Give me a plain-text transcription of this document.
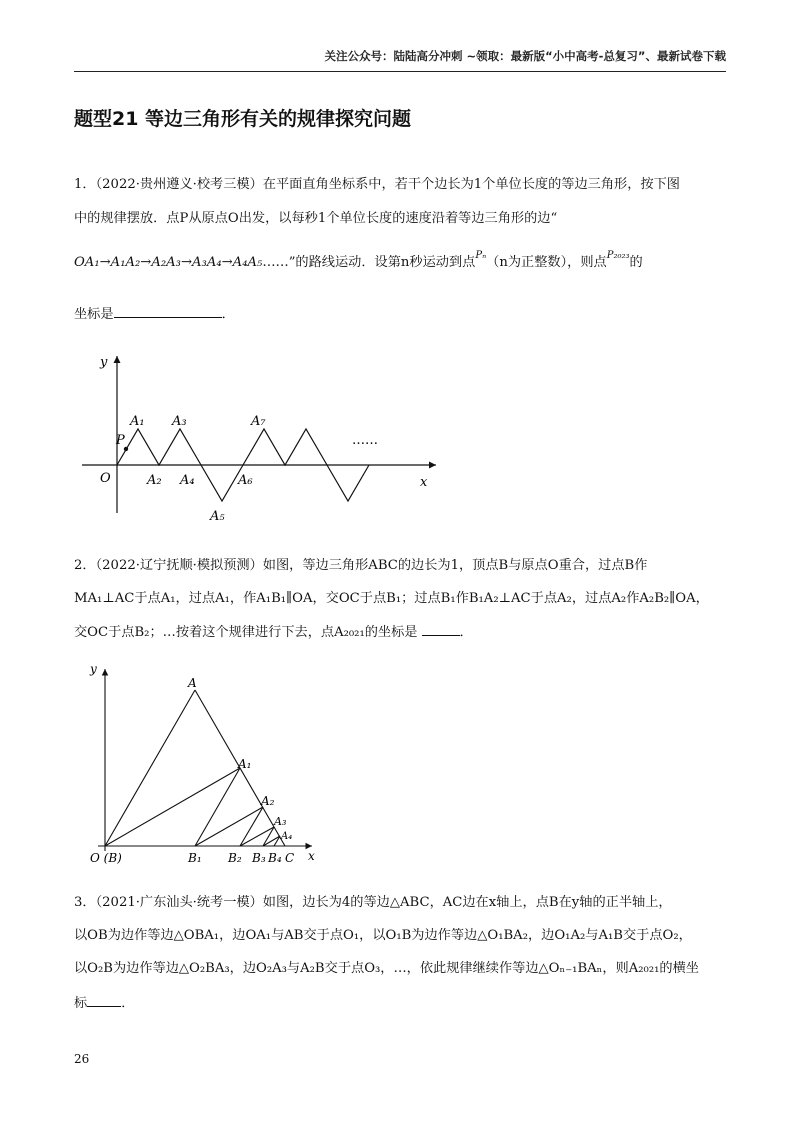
关注公众号：陆陆高分冲刺 ~领取：最新版“小中高考-总复习”、最新试卷下载
题型21 等边三角形有关的规律探究问题
1．（2022·贵州遵义·校考三模）在平面直角坐标系中，若干个边长为1个单位长度的等边三角形，按下图
中的规律摆放．点P从原点O出发，以每秒1个单位长度的速度沿着等边三角形的边“
OA₁→A₁A₂→A₂A₃→A₃A₄→A₄A₅……”的路线运动．设第n秒运动到点$^{P_n}$（n为正整数），则点$^{P_{2023}}$的
坐标是	．
x
y
O
P
A₁
A₂
A₃
A₄
A₅
A₆
A₇
……
2．（2022·辽宁抚顺·模拟预测）如图，等边三角形ABC的边长为1，顶点B与原点O重合，过点B作
MA₁⊥AC于点A₁，过点A₁，作A₁B₁∥OA，交OC于点B₁；过点B₁作B₁A₂⊥AC于点A₂，过点A₂作A₂B₂∥OA，
交OC于点B₂；…按着这个规律进行下去，点A₂₀₂₁的坐标是	．
x
y
O (B)
A
A₁
A₂
A₃
A₄
B₁ B₂ B₃ B₄ C
3．（2021·广东汕头·统考一模）如图，边长为4的等边△ABC，AC边在x轴上，点B在y轴的正半轴上，
以OB为边作等边△OBA₁，边OA₁与AB交于点O₁，以O₁B为边作等边△O₁BA₂，边O₁A₂与A₁B交于点O₂，
以O₂B为边作等边△O₂BA₃，边O₂A₃与A₂B交于点O₃，…，依此规律继续作等边△Oₙ₋₁BAₙ，则A₂₀₂₁的横坐
标	．
26
